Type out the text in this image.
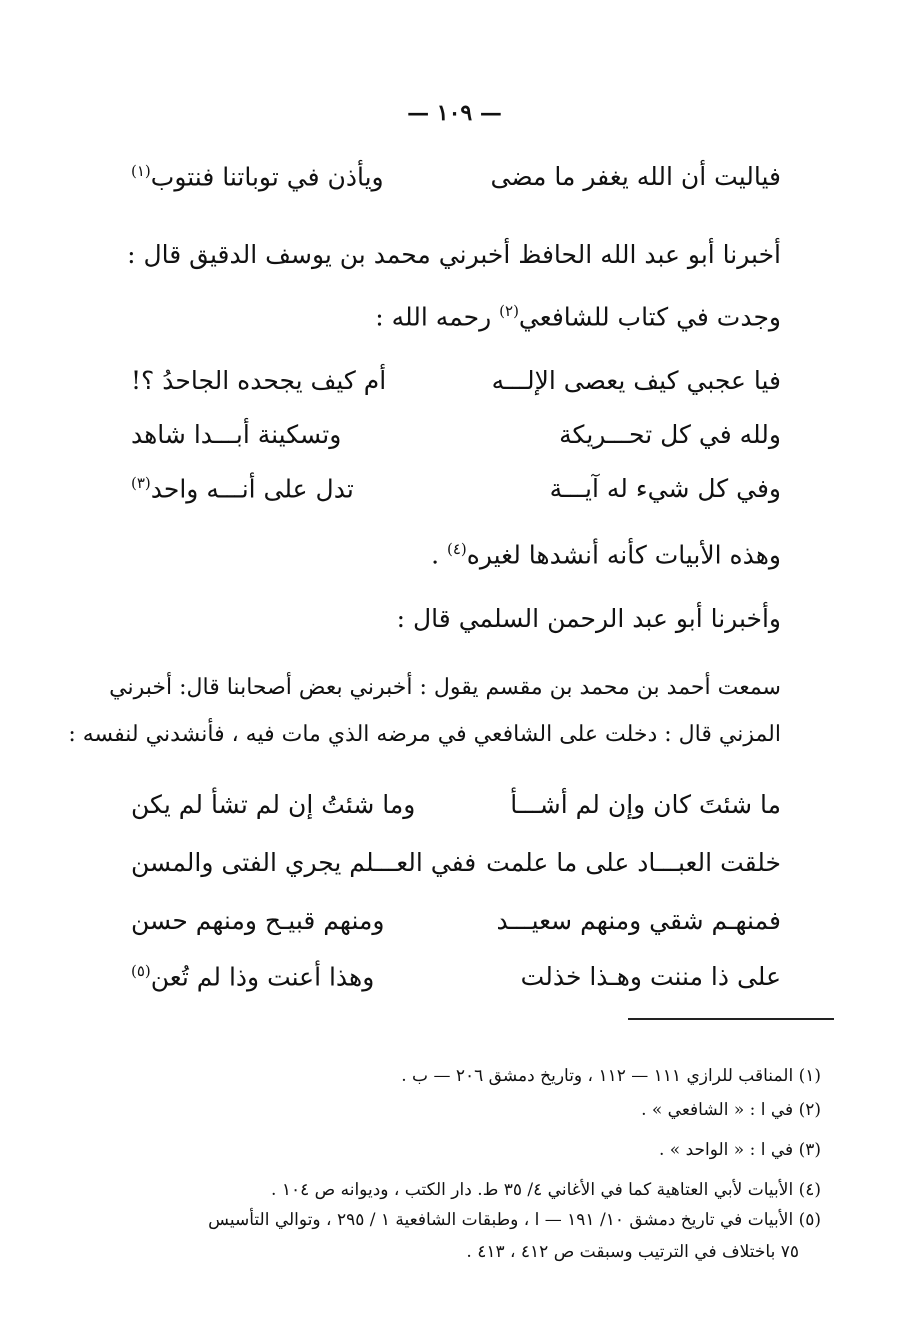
— ١٠٩ —
فياليت أن الله يغفر ما مضى
ويأذن في توباتنا فنتوب$^{(١)}$
أخبرنا أبو عبد الله الحافظ أخبرني محمد بن يوسف الدقيق قال :
وجدت في كتاب للشافعي$^{(٢)}$ رحمه الله :
فيا عجبي كيف يعصى الإلـــه
أم كيف يجحده الجاحدُ ؟!
ولله في كل تحـــريكة
وتسكينة أبـــدا شاهد
وفي كل شيء له آيـــة
تدل على أنـــه واحد$^{(٣)}$
وهذه الأبيات كأنه أنشدها لغيره$^{(٤)}$ .
وأخبرنا أبو عبد الرحمن السلمي قال :
سمعت أحمد بن محمد بن مقسم يقول : أخبرني بعض أصحابنا قال: أخبرني
المزني قال : دخلت على الشافعي في مرضه الذي مات فيه ، فأنشدني لنفسه :
ما شئتَ كان وإن لم أشـــأ
وما شئتُ إن لم تشأ لم يكن
خلقت العبـــاد على ما علمت
ففي العـــلم يجري الفتى والمسن
فمنهـم شقي ومنهم سعيـــد
ومنهم قبيـح ومنهم حسن
على ذا مننت وهـذا خذلت
وهذا أعنت وذا لم تُعن$^{(٥)}$
(١) المناقب للرازي ١١١ — ١١٢ ، وتاريخ دمشق ٢٠٦ — ب .
(٢) في ا : « الشافعي » .
(٣) في ا : « الواحد » .
(٤) الأبيات لأبي العتاهية كما في الأغاني ٤/ ٣٥ ط. دار الكتب ، وديوانه ص ١٠٤ .
(٥) الأبيات في تاريخ دمشق ١٠/ ١٩١ — ا ، وطبقات الشافعية ١ / ٢٩٥ ، وتوالي التأسيس
٧٥ باختلاف في الترتيب وسبقت ص ٤١٢ ، ٤١٣ .
